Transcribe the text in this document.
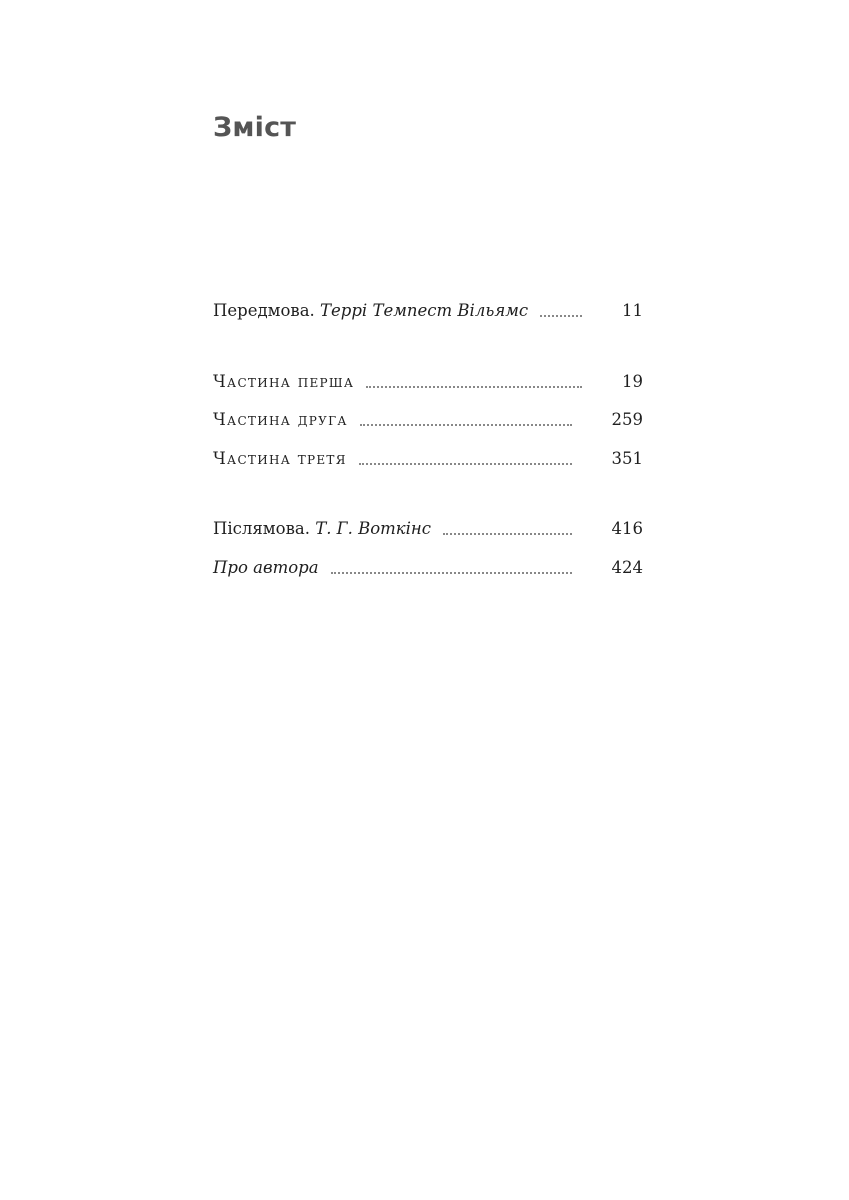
Зміст
Передмова. Террі Темпест Вільямс	11
Частина перша	19
Частина друга	259
Частина третя	351
Післямова. Т. Г. Воткінс	416
Про автора	424
